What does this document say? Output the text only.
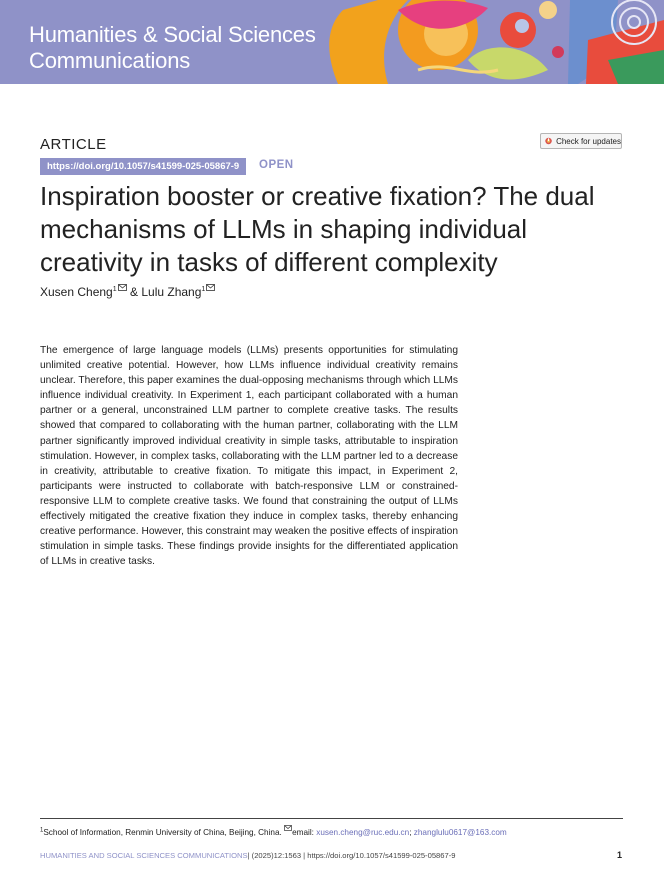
Humanities & Social Sciences
Communications
ARTICLE
https://doi.org/10.1057/s41599-025-05867-9	OPEN
Check for updates
Inspiration booster or creative fixation? The dual mechanisms of LLMs in shaping individual creativity in tasks of different complexity
Xusen Cheng$^1$ & Lulu Zhang$^1$

The emergence of large language models (LLMs) presents opportunities for stimulating unlimited creative potential. However, how LLMs influence individual creativity remains unclear. Therefore, this paper examines the dual-opposing mechanisms through which LLMs influence individual creativity. In Experiment 1, each participant collaborated with a human partner or a general, unconstrained LLM partner to complete creative tasks. The results showed that compared to collaborating with the human partner, collaborating with the LLM partner significantly improved individual creativity in simple tasks, attributable to inspiration stimulation. However, in complex tasks, collaborating with the LLM partner led to a decrease in creativity, attributable to creative fixation. To mitigate this impact, in Experiment 2, participants were instructed to collaborate with batch-responsive LLM or constrained-responsive LLM to complete creative tasks. We found that constraining the output of LLMs effectively mitigated the creative fixation they induce in complex tasks, thereby enhancing creative performance. However, this constraint may weaken the positive effects of inspiration stimulation in simple tasks. These findings provide insights for the differentiated application of LLMs in creative tasks.

$^1$School of Information, Renmin University of China, Beijing, China. email: xusen.cheng@ruc.edu.cn; zhanglulu0617@163.com
HUMANITIES AND SOCIAL SCIENCES COMMUNICATIONS| (2025)12:1563 | https://doi.org/10.1057/s41599-025-05867-9	1
